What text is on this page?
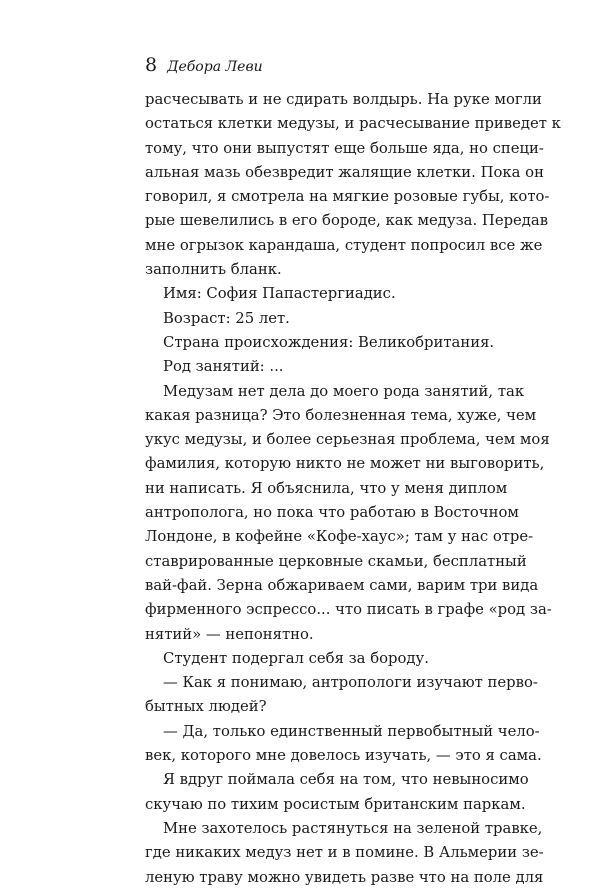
8 Дебора Леви
расчесывать и не сдирать волдырь. На руке могли
остаться клетки медузы, и расчесывание приведет к
тому, что они выпустят еще больше яда, но специ-
альная мазь обезвредит жалящие клетки. Пока он
говорил, я смотрела на мягкие розовые губы, кото-
рые шевелились в его бороде, как медуза. Передав
мне огрызок карандаша, студент попросил все же
заполнить бланк.
Имя: София Папастергиадис.
Возраст: 25 лет.
Страна происхождения: Великобритания.
Род занятий: ...
Медузам нет дела до моего рода занятий, так
какая разница? Это болезненная тема, хуже, чем
укус медузы, и более серьезная проблема, чем моя
фамилия, которую никто не может ни выговорить,
ни написать. Я объяснила, что у меня диплом
антрополога, но пока что работаю в Восточном
Лондоне, в кофейне «Кофе-хаус»; там у нас отре-
ставрированные церковные скамьи, бесплатный
вай-фай. Зерна обжариваем сами, варим три вида
фирменного эспрессо... что писать в графе «род за-
нятий» — непонятно.
Студент подергал себя за бороду.
— Как я понимаю, антропологи изучают перво-
бытных людей?
— Да, только единственный первобытный чело-
век, которого мне довелось изучать, — это я сама.
Я вдруг поймала себя на том, что невыносимо
скучаю по тихим росистым британским паркам.
Мне захотелось растянуться на зеленой травке,
где никаких медуз нет и в помине. В Альмерии зе-
леную траву можно увидеть разве что на поле для
